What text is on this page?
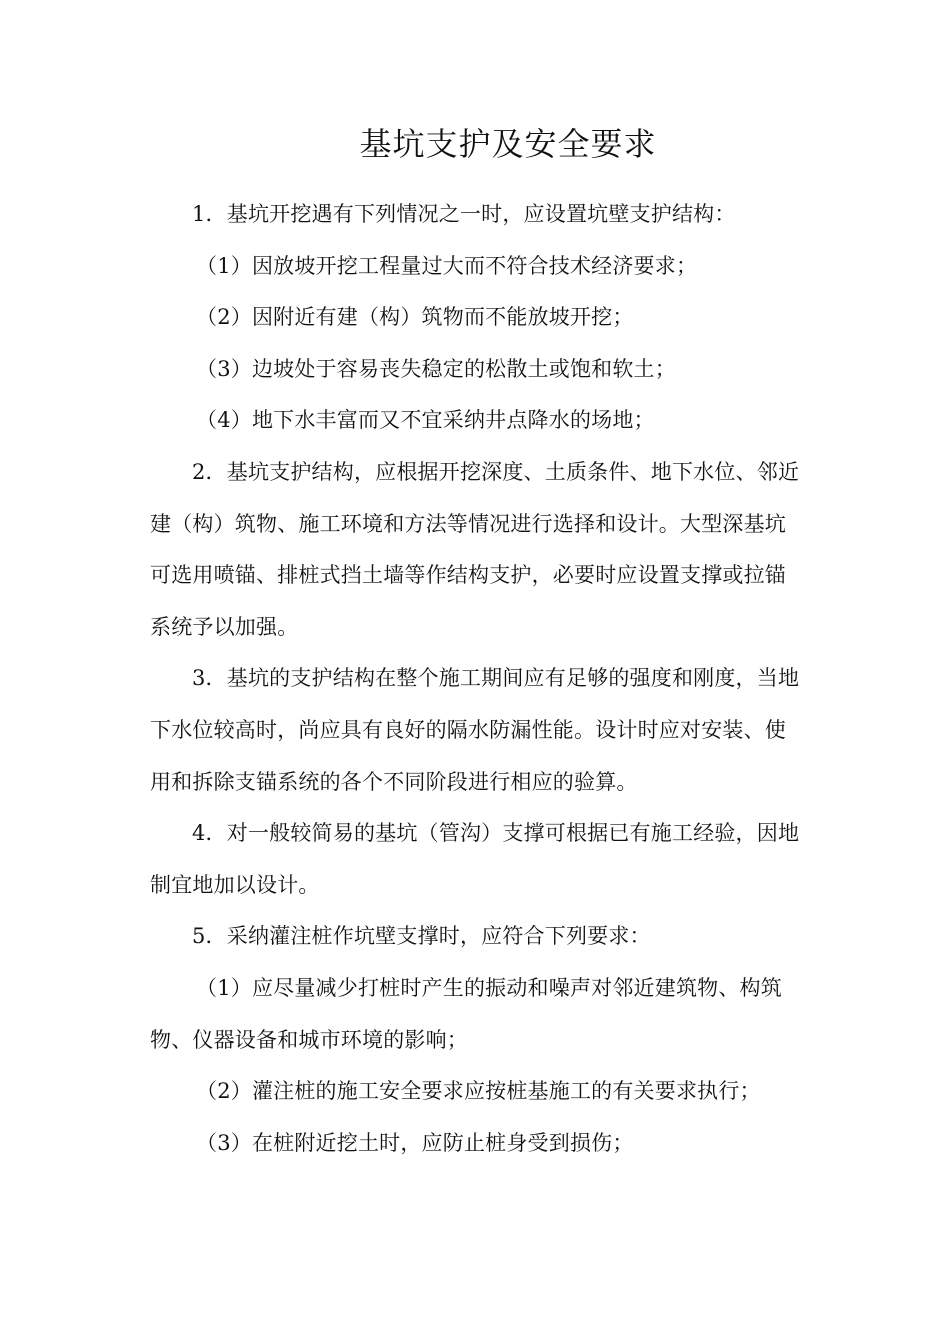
基坑支护及安全要求

1．基坑开挖遇有下列情况之一时，应设置坑壁支护结构：

（1）因放坡开挖工程量过大而不符合技术经济要求；

（2）因附近有建（构）筑物而不能放坡开挖；

（3）边坡处于容易丧失稳定的松散土或饱和软土；

（4）地下水丰富而又不宜采纳井点降水的场地；

2．基坑支护结构，应根据开挖深度、土质条件、地下水位、邻近建（构）筑物、施工环境和方法等情况进行选择和设计。大型深基坑可选用喷锚、排桩式挡土墙等作结构支护，必要时应设置支撑或拉锚系统予以加强。

3．基坑的支护结构在整个施工期间应有足够的强度和刚度，当地下水位较高时，尚应具有良好的隔水防漏性能。设计时应对安装、使用和拆除支锚系统的各个不同阶段进行相应的验算。

4．对一般较简易的基坑（管沟）支撑可根据已有施工经验，因地制宜地加以设计。

5．采纳灌注桩作坑壁支撑时，应符合下列要求：

（1）应尽量减少打桩时产生的振动和噪声对邻近建筑物、构筑物、仪器设备和城市环境的影响；

（2）灌注桩的施工安全要求应按桩基施工的有关要求执行；

（3）在桩附近挖土时，应防止桩身受到损伤；
